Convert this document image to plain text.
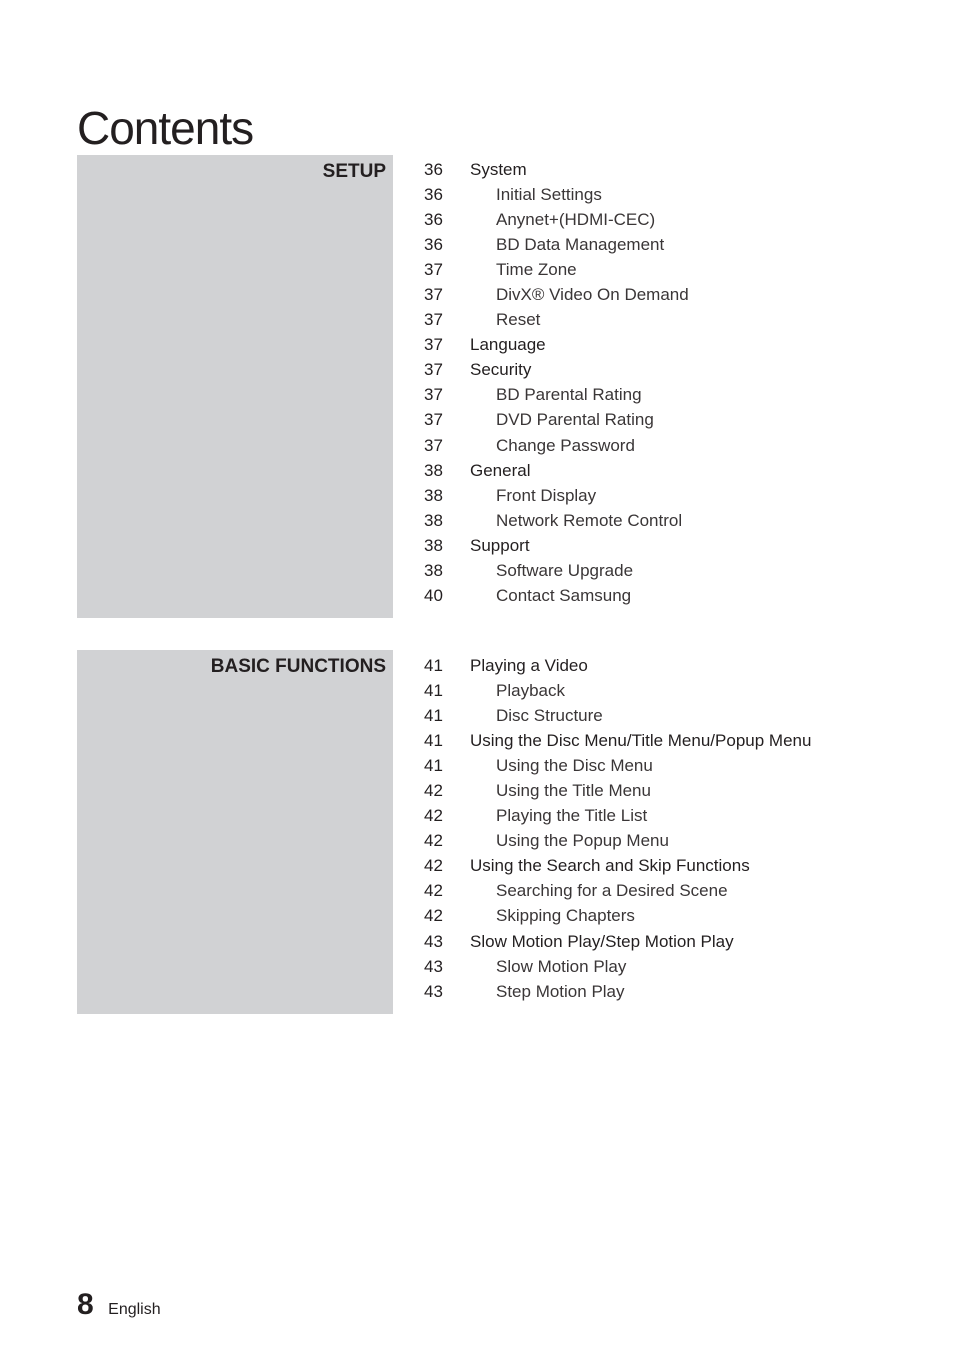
Contents
SETUP 36	System
36	Initial Settings
36	Anynet+(HDMI-CEC)
36	BD Data Management
37	Time Zone
37	DivX® Video On Demand
37	Reset
37	Language
37	Security
37	BD Parental Rating
37	DVD Parental Rating
37	Change Password
38	General
38	Front Display
38	Network Remote Control
38	Support
38	Software Upgrade
40	Contact Samsung
BASIC FUNCTIONS 41	Playing a Video
41	Playback
41	Disc Structure
41	Using the Disc Menu/Title Menu/Popup Menu
41	Using the Disc Menu
42	Using the Title Menu
42	Playing the Title List
42	Using the Popup Menu
42	Using the Search and Skip Functions
42	Searching for a Desired Scene
42	Skipping Chapters
43	Slow Motion Play/Step Motion Play
43	Slow Motion Play
43	Step Motion Play
8 English
